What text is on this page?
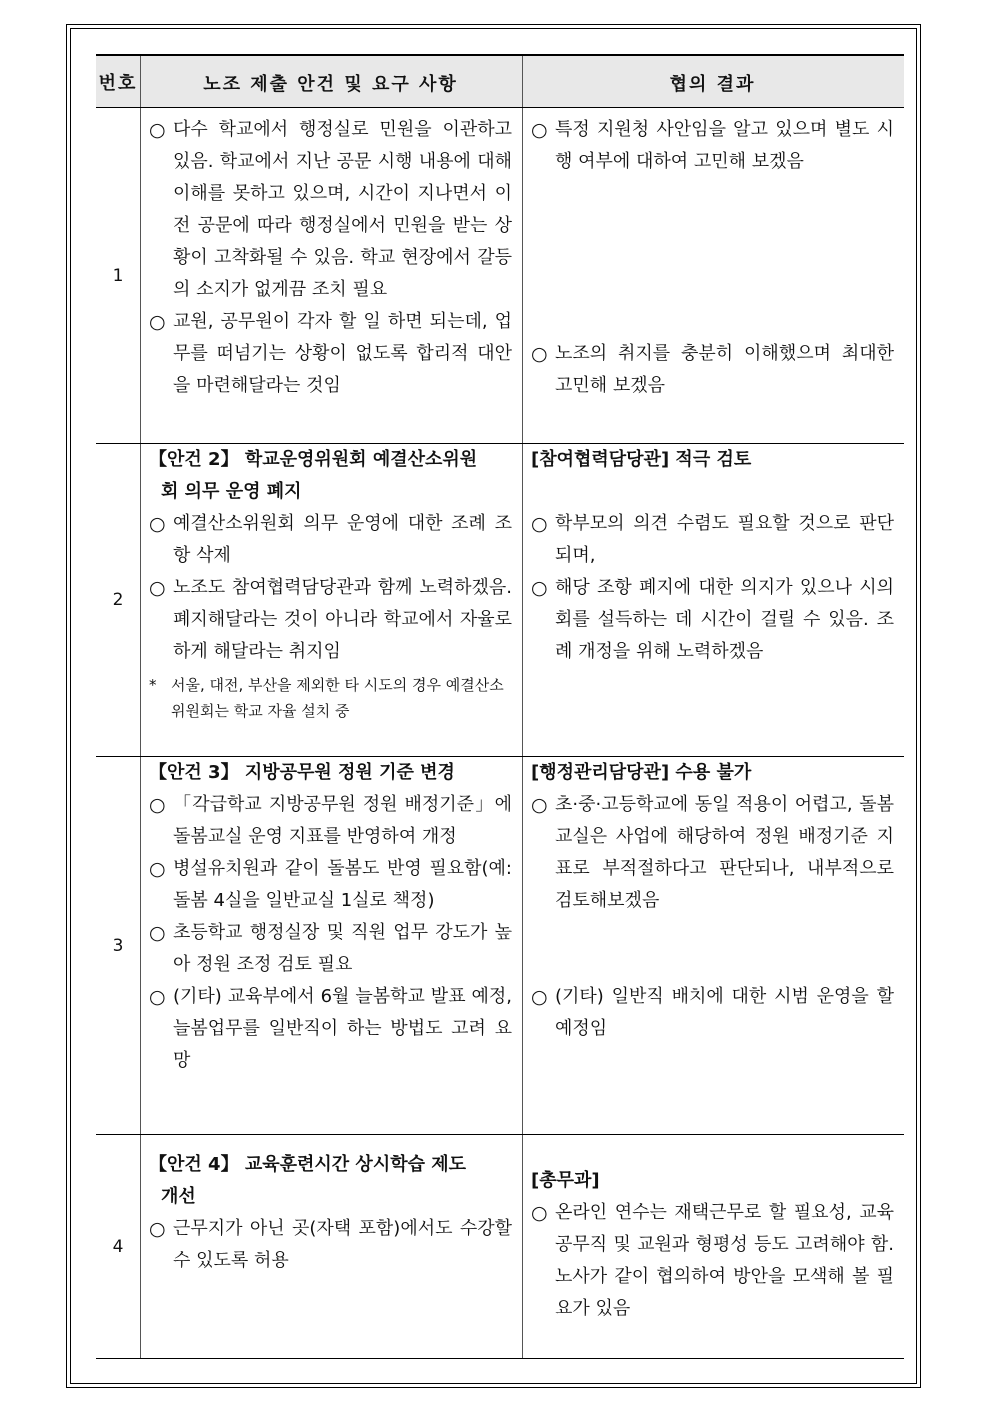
번호	노조 제출 안건 및 요구 사항	협의 결과
1
○ 다수 학교에서 행정실로 민원을 이관하고 있음. 학교에서 지난 공문 시행 내용에 대해 이해를 못하고 있으며, 시간이 지나면서 이전 공문에 따라 행정실에서 민원을 받는 상황이 고착화될 수 있음. 학교 현장에서 갈등의 소지가 없게끔 조치 필요
○ 교원, 공무원이 각자 할 일 하면 되는데, 업무를 떠넘기는 상황이 없도록 합리적 대안을 마련해달라는 것임
○ 특정 지원청 사안임을 알고 있으며 별도 시행 여부에 대하여 고민해 보겠음
○ 노조의 취지를 충분히 이해했으며 최대한 고민해 보겠음
2
【안건 2】 학교운영위원회 예결산소위원
회 의무 운영 폐지
○ 예결산소위원회 의무 운영에 대한 조례 조항 삭제
○ 노조도 참여협력담당관과 함께 노력하겠음. 폐지해달라는 것이 아니라 학교에서 자율로 하게 해달라는 취지임
* 서울, 대전, 부산을 제외한 타 시도의 경우 예결산소위원회는 학교 자율 설치 중
[참여협력담당관] 적극 검토
○ 학부모의 의견 수렴도 필요할 것으로 판단되며,
○ 해당 조항 폐지에 대한 의지가 있으나 시의회를 설득하는 데 시간이 걸릴 수 있음. 조례 개정을 위해 노력하겠음
3
【안건 3】 지방공무원 정원 기준 변경
○ 「각급학교 지방공무원 정원 배정기준」에 돌봄교실 운영 지표를 반영하여 개정
○ 병설유치원과 같이 돌봄도 반영 필요함(예: 돌봄 4실을 일반교실 1실로 책정)
○ 초등학교 행정실장 및 직원 업무 강도가 높아 정원 조정 검토 필요
○ (기타) 교육부에서 6월 늘봄학교 발표 예정, 늘봄업무를 일반직이 하는 방법도 고려 요망
[행정관리담당관] 수용 불가
○ 초·중·고등학교에 동일 적용이 어렵고, 돌봄교실은 사업에 해당하여 정원 배정기준 지표로 부적절하다고 판단되나, 내부적으로 검토해보겠음
○ (기타) 일반직 배치에 대한 시범 운영을 할 예정임
4
【안건 4】 교육훈련시간 상시학습 제도
개선
○ 근무지가 아닌 곳(자택 포함)에서도 수강할 수 있도록 허용
[총무과]
○ 온라인 연수는 재택근무로 할 필요성, 교육공무직 및 교원과 형평성 등도 고려해야 함. 노사가 같이 협의하여 방안을 모색해 볼 필요가 있음
